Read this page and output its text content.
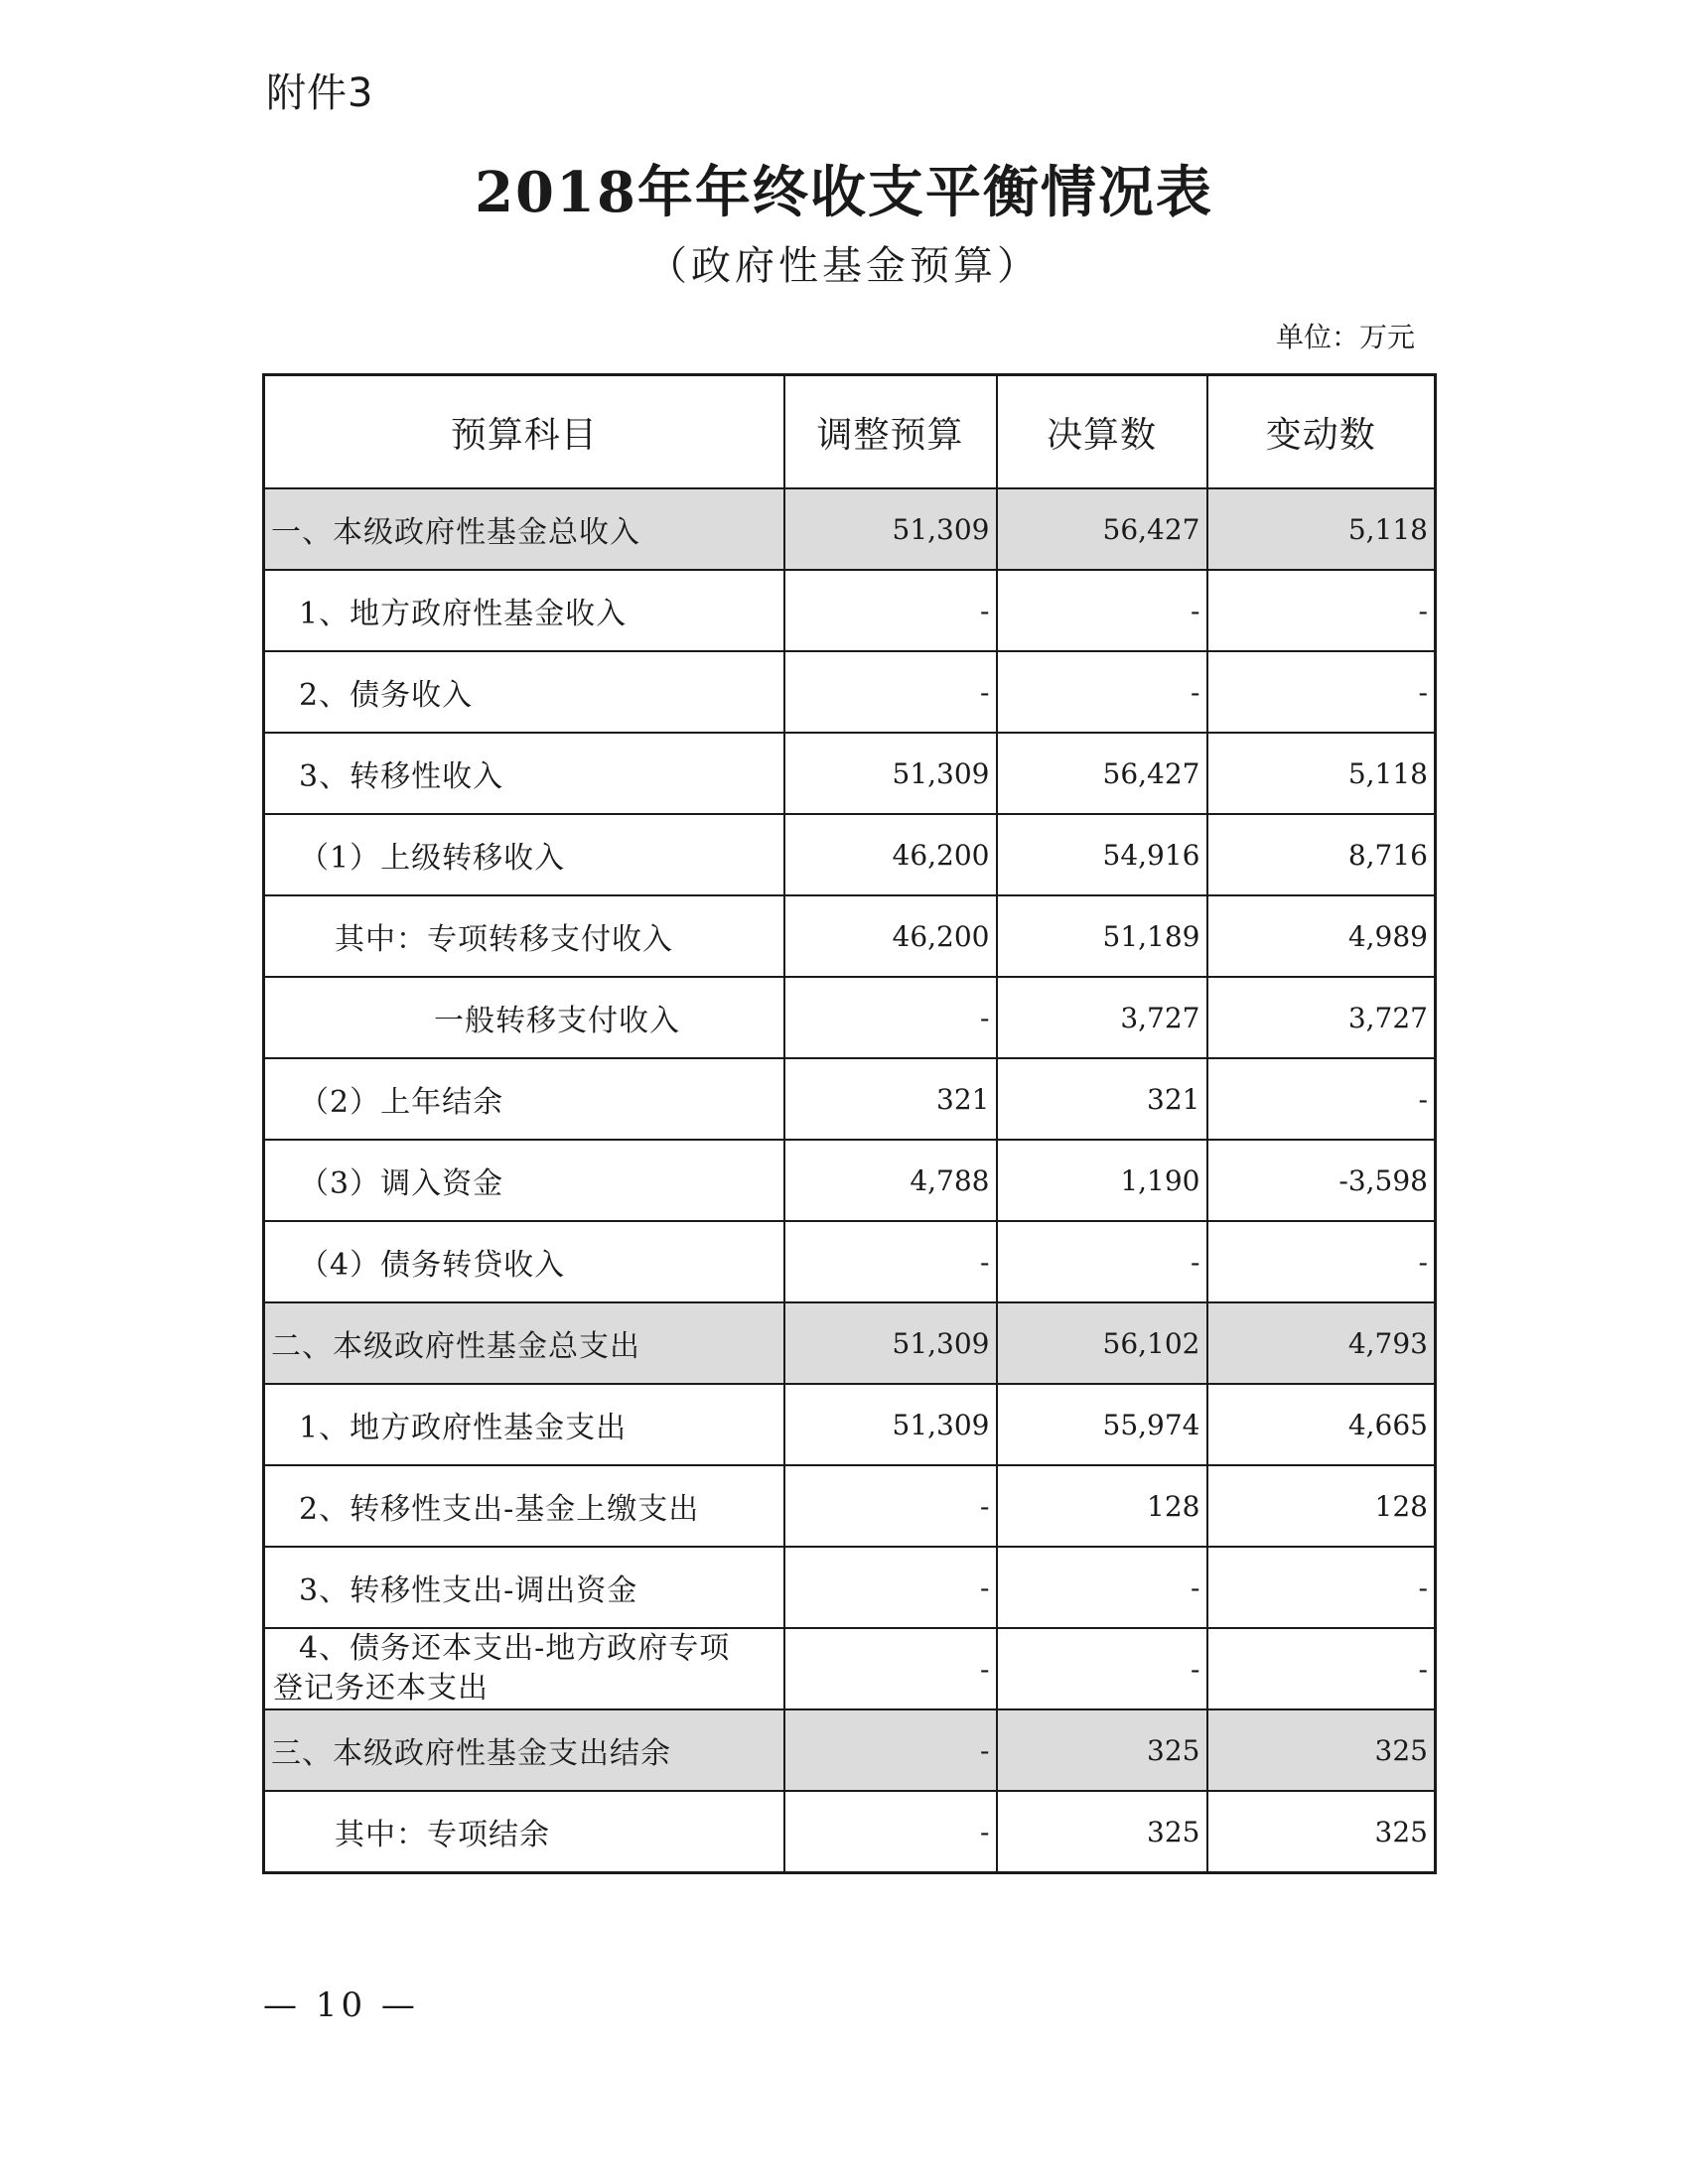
附件3
2018年年终收支平衡情况表
（政府性基金预算）
单位：万元
预算科目	调整预算	决算数	变动数
一、本级政府性基金总收入	51,309	56,427	5,118
1、地方政府性基金收入	-	-	-
2、债务收入	-	-	-
3、转移性收入	51,309	56,427	5,118
（1）上级转移收入	46,200	54,916	8,716
其中：专项转移支付收入	46,200	51,189	4,989
一般转移支付收入	-	3,727	3,727
（2）上年结余	321	321	-
（3）调入资金	4,788	1,190	-3,598
（4）债务转贷收入	-	-	-
二、本级政府性基金总支出	51,309	56,102	4,793
1、地方政府性基金支出	51,309	55,974	4,665
2、转移性支出-基金上缴支出	-	128	128
3、转移性支出-调出资金	-	-	-

4、债务还本支出-地方政府专项
登记务还本支出	-	-	-
三、本级政府性基金支出结余	-	325	325
其中：专项结余	-	325	325
— 10 —
